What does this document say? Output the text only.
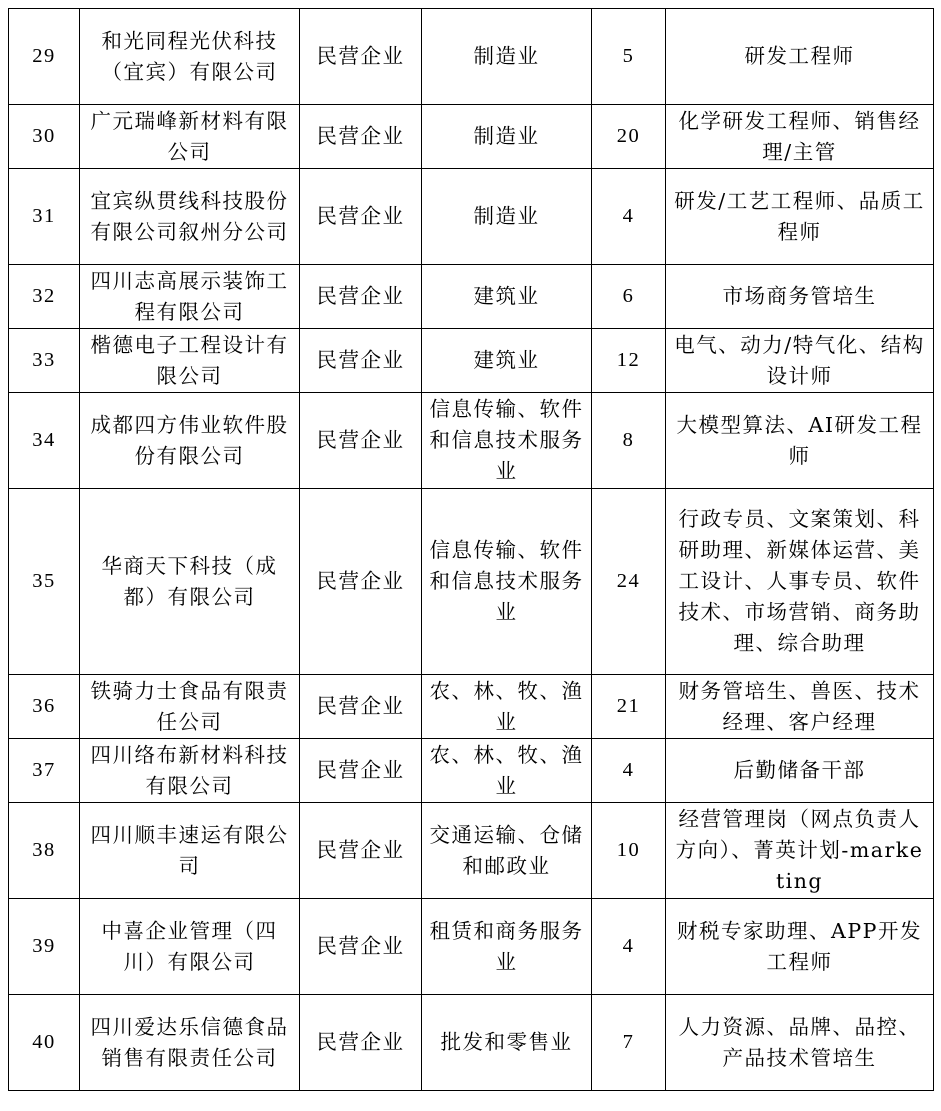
29	和光同程光伏科技（宜宾）有限公司	民营企业	制造业	5	研发工程师
30	广元瑞峰新材料有限公司	民营企业	制造业	20	化学研发工程师、销售经理/主管
31	宜宾纵贯线科技股份有限公司叙州分公司	民营企业	制造业	4	研发/工艺工程师、品质工程师
32	四川志高展示装饰工程有限公司	民营企业	建筑业	6	市场商务管培生
33	楷德电子工程设计有限公司	民营企业	建筑业	12	电气、动力/特气化、结构设计师
34	成都四方伟业软件股份有限公司	民营企业	信息传输、软件和信息技术服务业	8	大模型算法、AI研发工程师
35	华商天下科技（成都）有限公司	民营企业	信息传输、软件和信息技术服务业	24	行政专员、文案策划、科研助理、新媒体运营、美工设计、人事专员、软件技术、市场营销、商务助理、综合助理
36	铁骑力士食品有限责任公司	民营企业	农、林、牧、渔业	21	财务管培生、兽医、技术经理、客户经理
37	四川络布新材料科技有限公司	民营企业	农、林、牧、渔业	4	后勤储备干部
38	四川顺丰速运有限公司	民营企业	交通运输、仓储和邮政业	10	经营管理岗（网点负责人方向）、菁英计划-marketing
39	中喜企业管理（四川）有限公司	民营企业	租赁和商务服务业	4	财税专家助理、APP开发工程师
40	四川爱达乐信德食品销售有限责任公司	民营企业	批发和零售业	7	人力资源、品牌、品控、产品技术管培生
